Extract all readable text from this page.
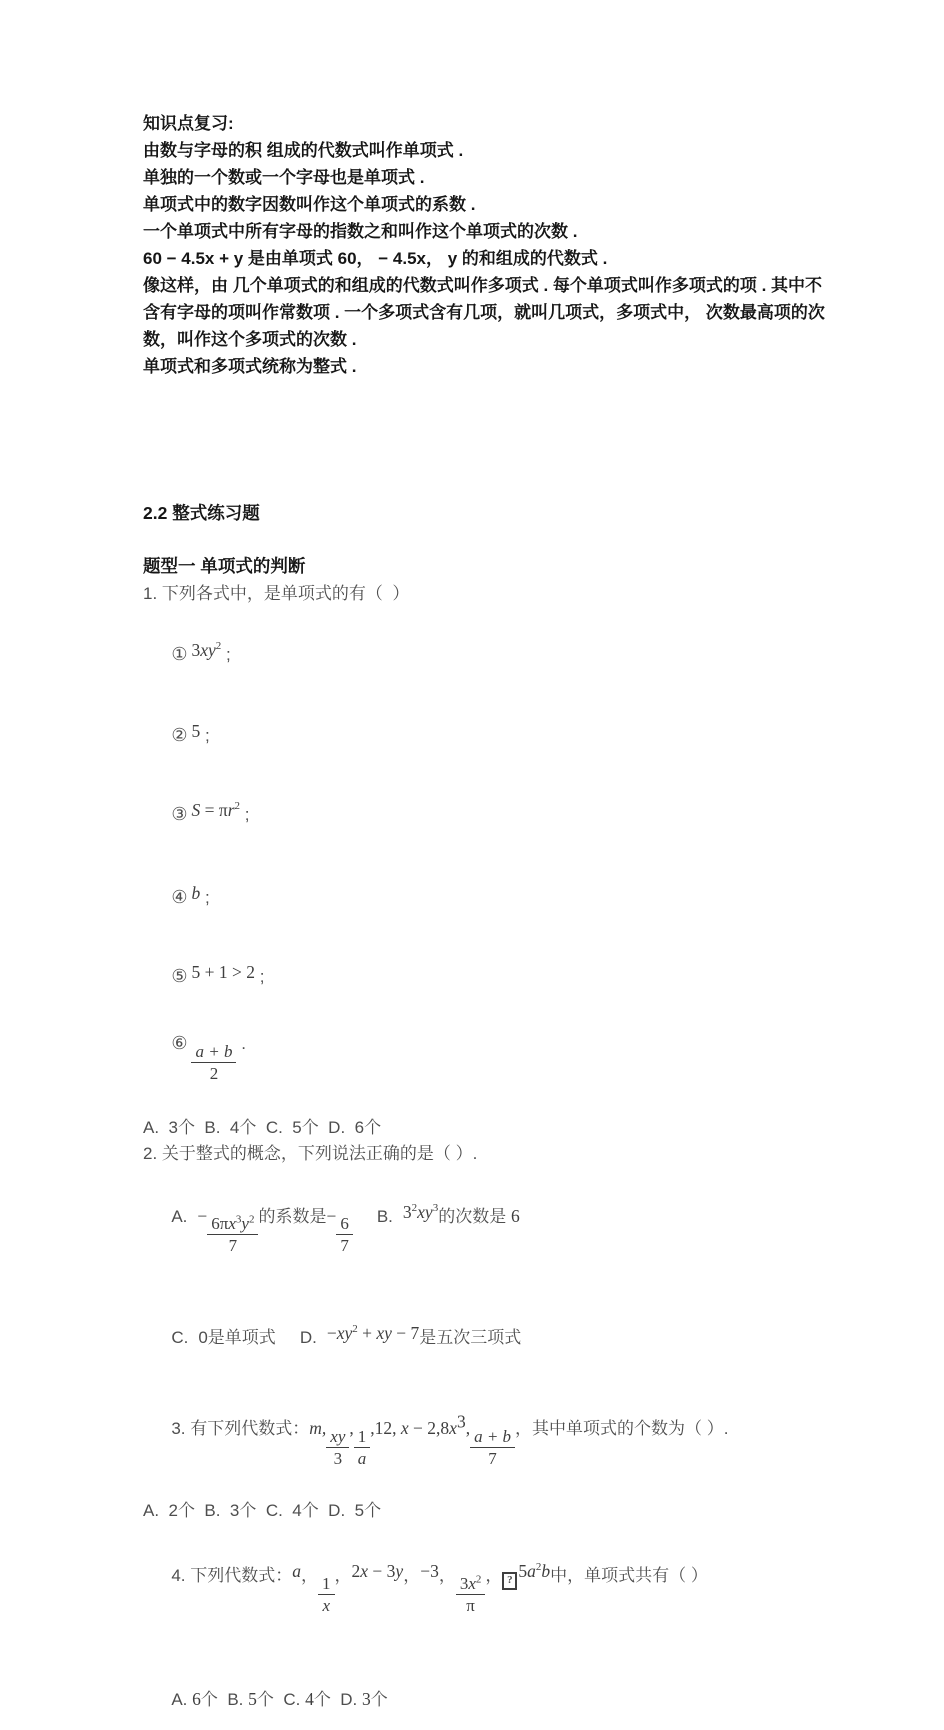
知识点复习:
由数与字母的积 组成的代数式叫作单项式 .
单独的一个数或一个字母也是单项式 .
单项式中的数字因数叫作这个单项式的系数 .
一个单项式中所有字母的指数之和叫作这个单项式的次数 .
60 − 4.5x + y 是由单项式 60， − 4.5x， y 的和组成的代数式 .
像这样，由 几个单项式的和组成的代数式叫作多项式 . 每个单项式叫作多项式的项 . 其中不含有字母的项叫作常数项 . 一个多项式含有几项，就叫几项式，多项式中， 次数最高项的次数，叫作这个多项式的次数 .
单项式和多项式统称为整式 .
2.2 整式练习题
题型一 单项式的判断
1. 下列各式中，是单项式的有（  ）

① $3xy^2$ ;

② 5 ;

③ $S = \pi r^2$ ;

④ b ;

⑤ 5 + 1 > 2 ;

⑥ $\frac{a + b}{2}$ .

A.  3个  B.  4个  C.  5个  D.  6个
2. 关于整式的概念，下列说法正确的是（ ）.

A. − $\frac{6\pi x^3y^2}{7}$ 的系数是− $\frac{6}{7} B$. $3^2xy^3$的次数是 6

C. 0是单项式 D. $-xy^2$ + xy − 7是五次三项式

3. 有下列代数式：m, $\frac{xy}{3}$ , $\frac{1}{a} ,12$, $x - 2,8x^3$, $\frac{a + b}{7}$ ，其中单项式的个数为（ ）.

A.  2个  B.  3个  C.  4个  D.  5个

4. 下列代数式：a， $\frac{1}{x}$ ，2x − 3y，−3， $\frac{3x^2}{\pi}$ ， ? $5a^2b$中，单项式共有（ ）

A. 6个 B. 5个 C. 4个 D. 3个
